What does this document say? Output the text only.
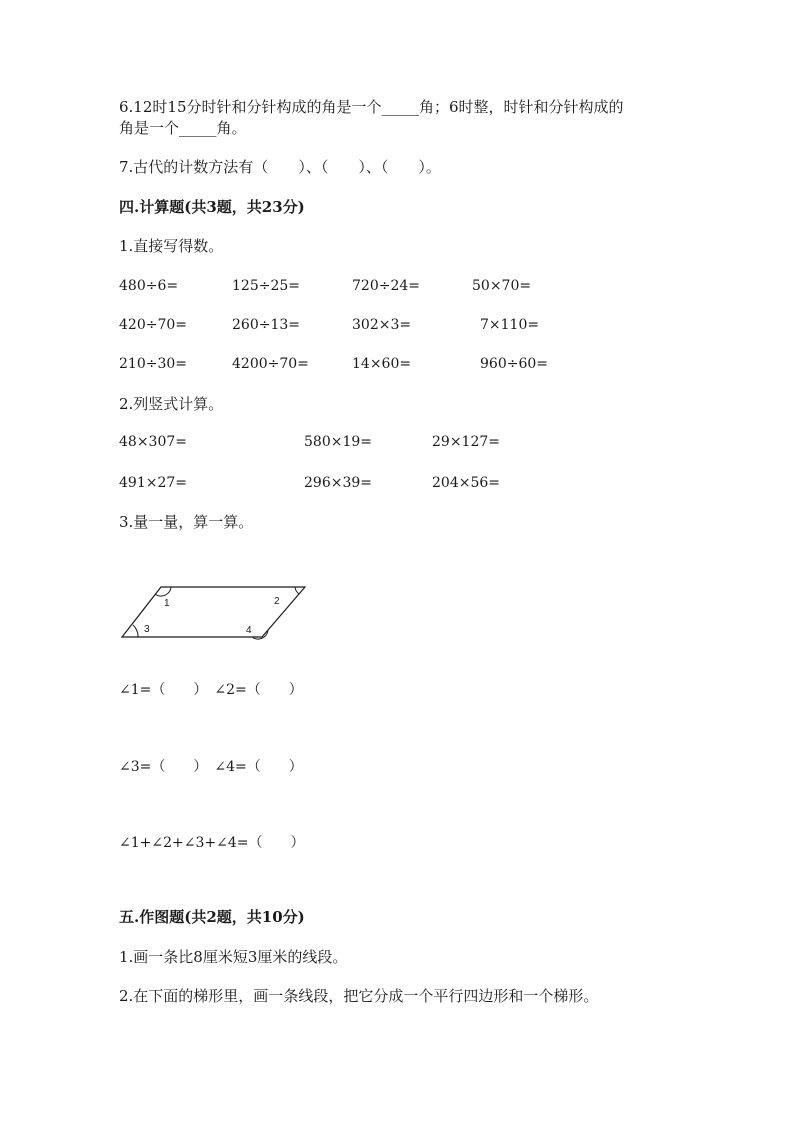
6.12时15分时针和分针构成的角是一个_____角；6时整，时针和分针构成的
角是一个_____角。
7.古代的计数方法有（　　）、（　　）、（　　）。
四.计算题(共3题，共23分)
1.直接写得数。
480÷6=	125÷25=	720÷24=	50×70=
420÷70=	260÷13=	302×3=	7×110=
210÷30=	4200÷70=	14×60=	960÷60=
2.列竖式计算。
48×307=	580×19=	29×127=
491×27=	296×39=	204×56=
3.量一量，算一算。
1	2
3	4
∠1=（　　）　∠2=（　　）
∠3=（　　）　∠4=（　　）
∠1+∠2+∠3+∠4=（　　）
五.作图题(共2题，共10分)
1.画一条比8厘米短3厘米的线段。
2.在下面的梯形里，画一条线段，把它分成一个平行四边形和一个梯形。
